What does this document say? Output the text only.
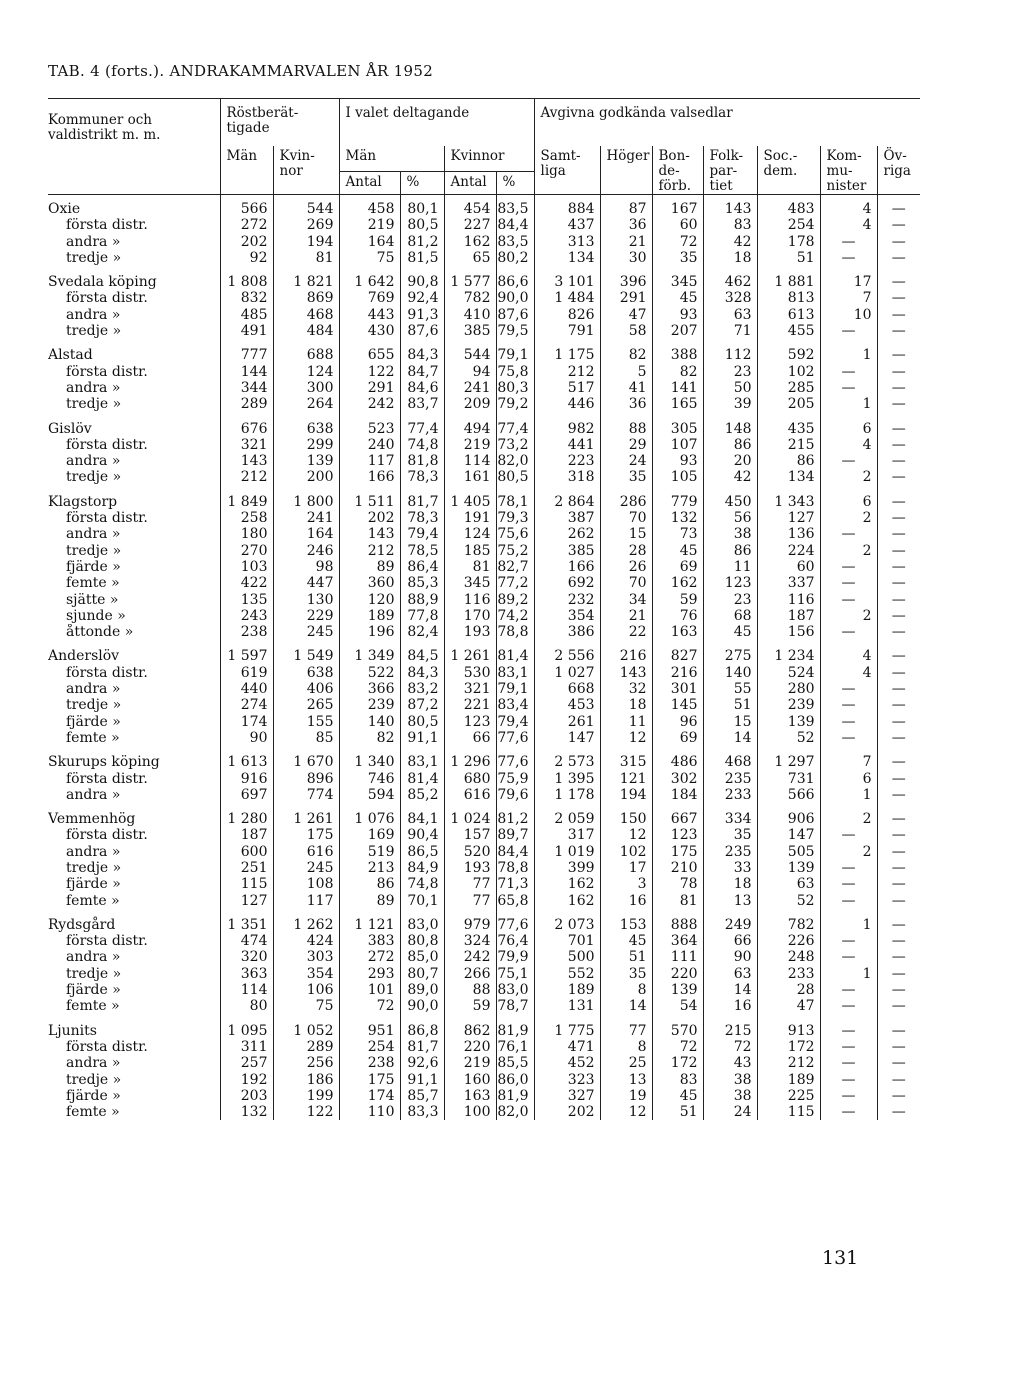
TAB. 4 (forts.). ANDRAKAMMARVALEN ÅR 1952
Kommuner och valdistrikt m. m.	Röstberät- tigade		I valet deltagande				Avgivna godkända valsedlar						
	Män	Kvin- nor	Män		Kvinnor		Samt- liga	Höger	Bon- de- förb.	Folk- par- tiet	Soc.- dem.	Kom- mu- nister	Öv- riga
			Antal	%	Antal	%							
Oxie	566	544	458	80,1	454	83,5	884	87	167	143	483	4	—
första distr.	272	269	219	80,5	227	84,4	437	36	60	83	254	4	—
andra »	202	194	164	81,2	162	83,5	313	21	72	42	178	—	—
tredje »	92	81	75	81,5	65	80,2	134	30	35	18	51	—	—
Svedala köping	1 808	1 821	1 642	90,8	1 577	86,6	3 101	396	345	462	1 881	17	—
första distr.	832	869	769	92,4	782	90,0	1 484	291	45	328	813	7	—
andra »	485	468	443	91,3	410	87,6	826	47	93	63	613	10	—
tredje »	491	484	430	87,6	385	79,5	791	58	207	71	455	—	—
Alstad	777	688	655	84,3	544	79,1	1 175	82	388	112	592	1	—
första distr.	144	124	122	84,7	94	75,8	212	5	82	23	102	—	—
andra »	344	300	291	84,6	241	80,3	517	41	141	50	285	—	—
tredje »	289	264	242	83,7	209	79,2	446	36	165	39	205	1	—
Gislöv	676	638	523	77,4	494	77,4	982	88	305	148	435	6	—
första distr.	321	299	240	74,8	219	73,2	441	29	107	86	215	4	—
andra »	143	139	117	81,8	114	82,0	223	24	93	20	86	—	—
tredje »	212	200	166	78,3	161	80,5	318	35	105	42	134	2	—
Klagstorp	1 849	1 800	1 511	81,7	1 405	78,1	2 864	286	779	450	1 343	6	—
första distr.	258	241	202	78,3	191	79,3	387	70	132	56	127	2	—
andra »	180	164	143	79,4	124	75,6	262	15	73	38	136	—	—
tredje »	270	246	212	78,5	185	75,2	385	28	45	86	224	2	—
fjärde »	103	98	89	86,4	81	82,7	166	26	69	11	60	—	—
femte »	422	447	360	85,3	345	77,2	692	70	162	123	337	—	—
sjätte »	135	130	120	88,9	116	89,2	232	34	59	23	116	—	—
sjunde »	243	229	189	77,8	170	74,2	354	21	76	68	187	2	—
åttonde »	238	245	196	82,4	193	78,8	386	22	163	45	156	—	—
Anderslöv	1 597	1 549	1 349	84,5	1 261	81,4	2 556	216	827	275	1 234	4	—
första distr.	619	638	522	84,3	530	83,1	1 027	143	216	140	524	4	—
andra »	440	406	366	83,2	321	79,1	668	32	301	55	280	—	—
tredje »	274	265	239	87,2	221	83,4	453	18	145	51	239	—	—
fjärde »	174	155	140	80,5	123	79,4	261	11	96	15	139	—	—
femte »	90	85	82	91,1	66	77,6	147	12	69	14	52	—	—
Skurups köping	1 613	1 670	1 340	83,1	1 296	77,6	2 573	315	486	468	1 297	7	—
första distr.	916	896	746	81,4	680	75,9	1 395	121	302	235	731	6	—
andra »	697	774	594	85,2	616	79,6	1 178	194	184	233	566	1	—
Vemmenhög	1 280	1 261	1 076	84,1	1 024	81,2	2 059	150	667	334	906	2	—
första distr.	187	175	169	90,4	157	89,7	317	12	123	35	147	—	—
andra »	600	616	519	86,5	520	84,4	1 019	102	175	235	505	2	—
tredje »	251	245	213	84,9	193	78,8	399	17	210	33	139	—	—
fjärde »	115	108	86	74,8	77	71,3	162	3	78	18	63	—	—
femte »	127	117	89	70,1	77	65,8	162	16	81	13	52	—	—
Rydsgård	1 351	1 262	1 121	83,0	979	77,6	2 073	153	888	249	782	1	—
första distr.	474	424	383	80,8	324	76,4	701	45	364	66	226	—	—
andra »	320	303	272	85,0	242	79,9	500	51	111	90	248	—	—
tredje »	363	354	293	80,7	266	75,1	552	35	220	63	233	1	—
fjärde »	114	106	101	89,0	88	83,0	189	8	139	14	28	—	—
femte »	80	75	72	90,0	59	78,7	131	14	54	16	47	—	—
Ljunits	1 095	1 052	951	86,8	862	81,9	1 775	77	570	215	913	—	—
första distr.	311	289	254	81,7	220	76,1	471	8	72	72	172	—	—
andra »	257	256	238	92,6	219	85,5	452	25	172	43	212	—	—
tredje »	192	186	175	91,1	160	86,0	323	13	83	38	189	—	—
fjärde »	203	199	174	85,7	163	81,9	327	19	45	38	225	—	—
femte »	132	122	110	83,3	100	82,0	202	12	51	24	115	—	—
131
